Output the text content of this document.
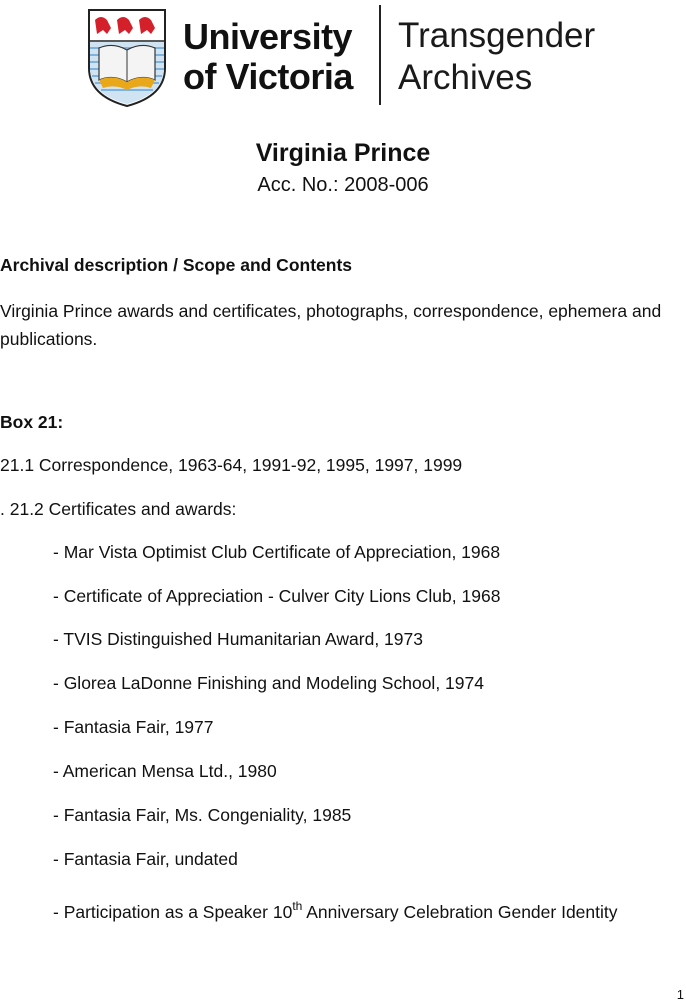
University
of Victoria
Transgender
Archives
Virginia Prince
Acc. No.: 2008-006
Archival description / Scope and Contents
Virginia Prince awards and certificates, photographs, correspondence, ephemera and publications.
Box 21:
21.1 Correspondence, 1963-64, 1991-92, 1995, 1997, 1999
. 21.2 Certificates and awards:
- Mar Vista Optimist Club Certificate of Appreciation, 1968
- Certificate of Appreciation - Culver City Lions Club, 1968
- TVIS Distinguished Humanitarian Award, 1973
- Glorea LaDonne Finishing and Modeling School, 1974
- Fantasia Fair, 1977
- American Mensa Ltd., 1980
- Fantasia Fair, Ms. Congeniality, 1985
- Fantasia Fair, undated
- Participation as a Speaker 10th Anniversary Celebration Gender Identity
1
